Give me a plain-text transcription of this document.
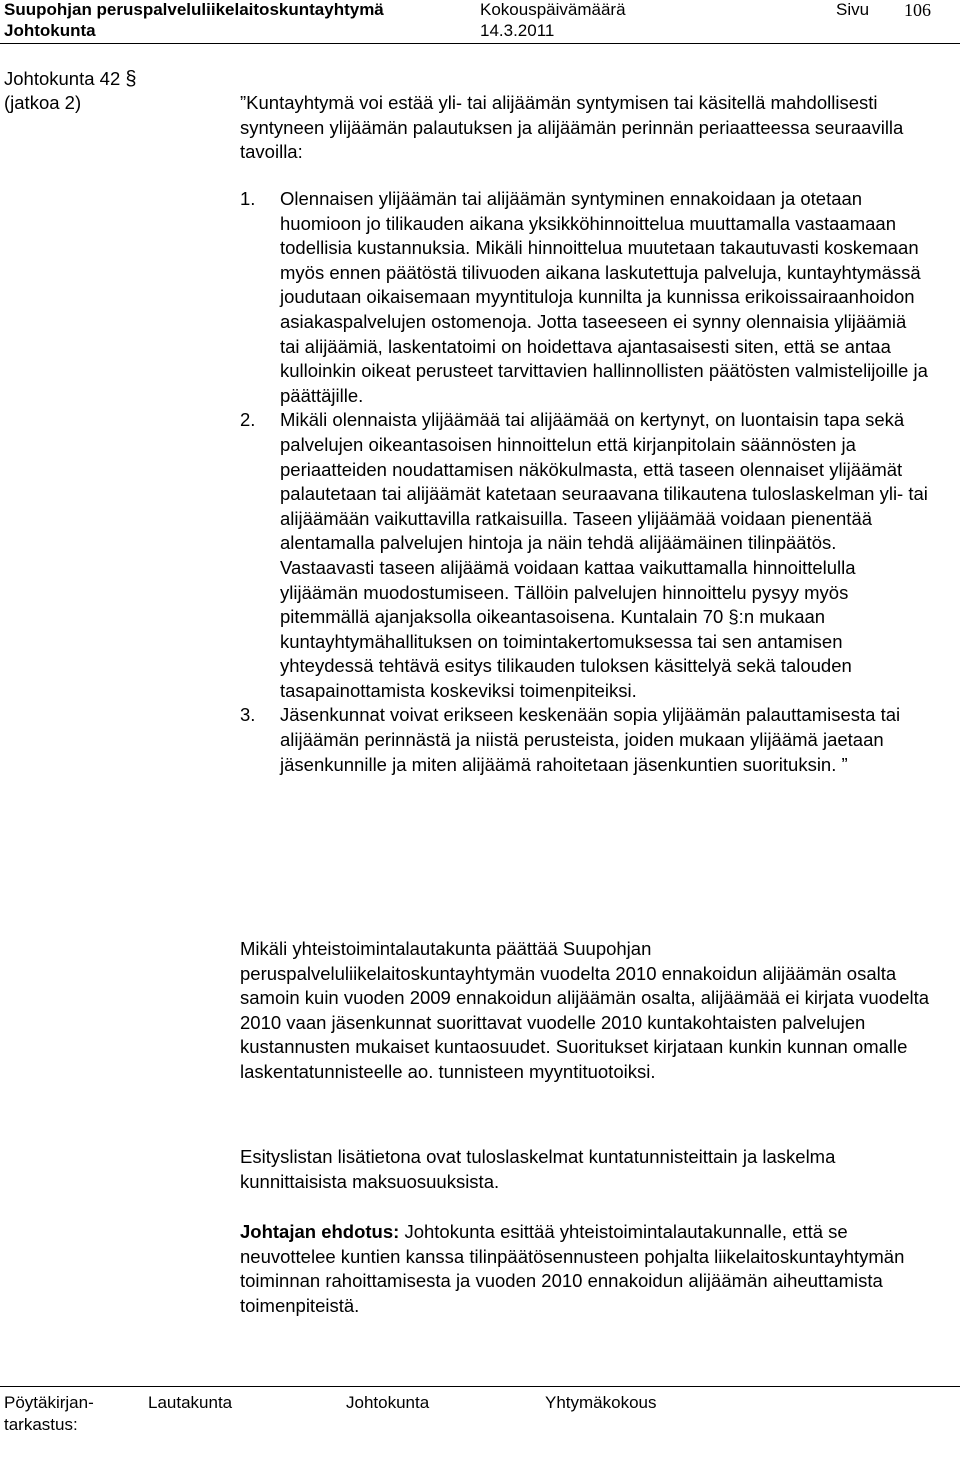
Suupohjan peruspalveluliikelaitoskuntayhtymä	Kokouspäivämäärä	Sivu 106
Johtokunta	14.3.2011
Johtokunta 42 §
(jatkoa 2)	”Kuntayhtymä voi estää yli- tai alijäämän syntymisen tai käsitellä mahdollisesti syntyneen ylijäämän palautuksen ja alijäämän perinnän periaatteessa seuraavilla tavoilla:

1. Olennaisen ylijäämän tai alijäämän syntyminen ennakoidaan ja otetaan huomioon jo tilikauden aikana yksikköhinnoittelua muuttamalla vastaamaan todellisia kustannuksia. Mikäli hinnoittelua muutetaan takautuvasti koskemaan myös ennen päätöstä tilivuoden aikana laskutettuja palveluja, kuntayhtymässä joudutaan oikaisemaan myyntituloja kunnilta ja kunnissa erikoissairaanhoidon asiakaspalvelujen ostomenoja. Jotta taseeseen ei synny olennaisia ylijäämiä tai alijäämiä, laskentatoimi on hoidettava ajantasaisesti siten, että se antaa kulloinkin oikeat perusteet tarvittavien hallinnollisten päätösten valmistelijoille ja päättäjille.
2. Mikäli olennaista ylijäämää tai alijäämää on kertynyt, on luontaisin tapa sekä palvelujen oikeantasoisen hinnoittelun että kirjanpitolain säännösten ja periaatteiden noudattamisen näkökulmasta, että taseen olennaiset ylijäämät palautetaan tai alijäämät katetaan seuraavana tilikautena tuloslaskelman yli- tai alijäämään vaikuttavilla ratkaisuilla. Taseen ylijäämää voidaan pienentää alentamalla palvelujen hintoja ja näin tehdä alijäämäinen tilinpäätös. Vastaavasti taseen alijäämä voidaan kattaa vaikuttamalla hinnoittelulla ylijäämän muodostumiseen. Tällöin palvelujen hinnoittelu pysyy myös pitemmällä ajanjaksolla oikeantasoisena. Kuntalain 70 §:n mukaan kuntayhtymähallituksen on toimintakertomuksessa tai sen antamisen yhteydessä tehtävä esitys tilikauden tuloksen käsittelyä sekä talouden tasapainottamista koskeviksi toimenpiteiksi.
3. Jäsenkunnat voivat erikseen keskenään sopia ylijäämän palauttamisesta tai alijäämän perinnästä ja niistä perusteista, joiden mukaan ylijäämä jaetaan jäsenkunnille ja miten alijäämä rahoitetaan jäsenkuntien suorituksin. ”

Mikäli yhteistoimintalautakunta päättää Suupohjan peruspalveluliikelaitoskuntayhtymän vuodelta 2010 ennakoidun alijäämän osalta samoin kuin vuoden 2009 ennakoidun alijäämän osalta, alijäämää ei kirjata vuodelta 2010 vaan jäsenkunnat suorittavat vuodelle 2010 kuntakohtaisten palvelujen kustannusten mukaiset kuntaosuudet. Suoritukset kirjataan kunkin kunnan omalle laskentatunnisteelle ao. tunnisteen myyntituotoiksi.

Esityslistan lisätietona ovat tuloslaskelmat kuntatunnisteittain ja laskelma kunnittaisista maksuosuuksista.

Johtajan ehdotus: Johtokunta esittää yhteistoimintalautakunnalle, että se neuvottelee kuntien kanssa tilinpäätösennusteen pohjalta liikelaitoskuntayhtymän toiminnan rahoittamisesta ja vuoden 2010 ennakoidun alijäämän aiheuttamista toimenpiteistä.

Pöytäkirjan-
tarkastus:
Lautakunta	Johtokunta	Yhtymäkokous
